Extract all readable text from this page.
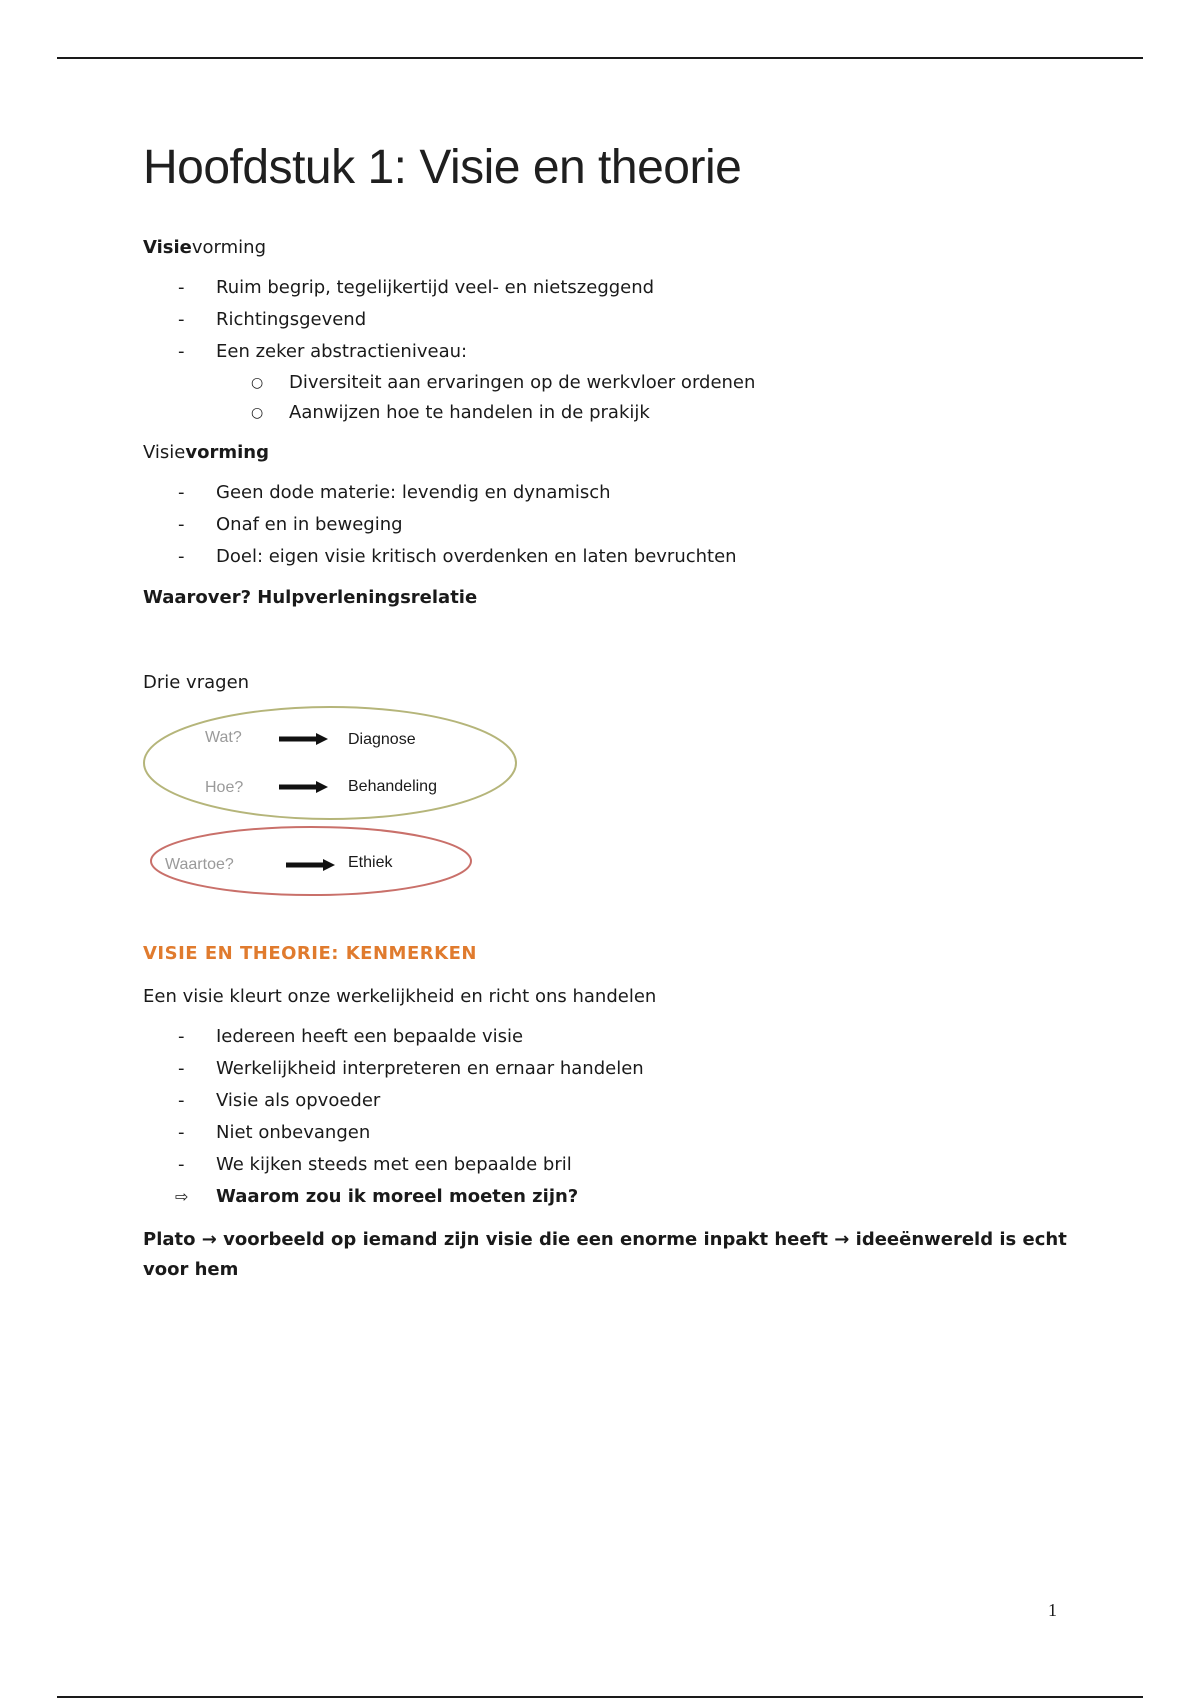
Hoofdstuk 1: Visie en theorie

Visievorming

- Ruim begrip, tegelijkertijd veel- en nietszeggend
- Richtingsgevend
- Een zeker abstractieniveau:
○ Diversiteit aan ervaringen op de werkvloer ordenen
○ Aanwijzen hoe te handelen in de prakijk

Visievorming

- Geen dode materie: levendig en dynamisch
- Onaf en in beweging
- Doel: eigen visie kritisch overdenken en laten bevruchten

Waarover? Hulpverleningsrelatie

Drie vragen

Wat?	Diagnose
Hoe?	Behandeling
Waartoe?	Ethiek

VISIE EN THEORIE: KENMERKEN

Een visie kleurt onze werkelijkheid en richt ons handelen

- Iedereen heeft een bepaalde visie
- Werkelijkheid interpreteren en ernaar handelen
- Visie als opvoeder
- Niet onbevangen
- We kijken steeds met een bepaalde bril
⇨ Waarom zou ik moreel moeten zijn?

Plato → voorbeeld op iemand zijn visie die een enorme inpakt heeft → ideeënwereld is echt voor hem

1
